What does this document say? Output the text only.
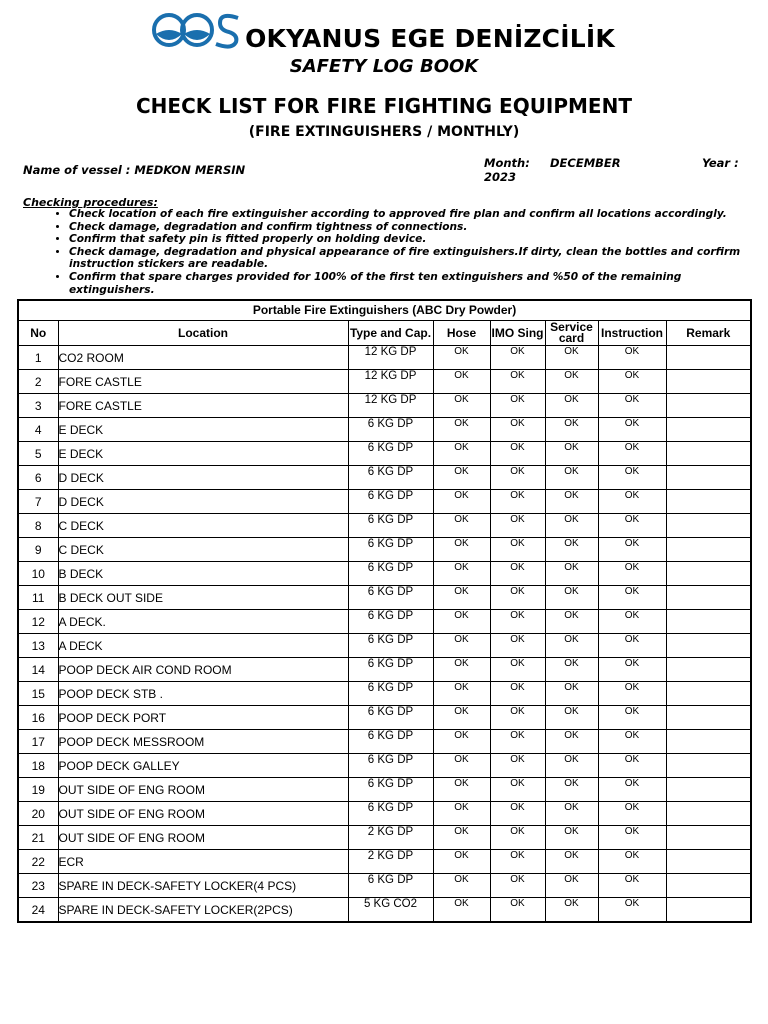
OKYANUS EGE DENİZCİLİK
SAFETY LOG BOOK
CHECK LIST FOR FIRE FIGHTING EQUIPMENT
(FIRE EXTINGUISHERS / MONTHLY)
Name of vessel : MEDKON MERSIN	Month: DECEMBER	Year :
2023
Checking procedures:
• Check location of each fire extinguisher according to approved fire plan and confirm all locations accordingly.
• Check damage, degradation and confirm tightness of connections.
• Confirm that safety pin is fitted properly on holding device.
• Check damage, degradation and physical appearance of fire extinguishers.If dirty, clean the bottles and corfirm instruction stickers are readable.
• Confirm that spare charges provided for 100% of the first ten extinguishers and %50 of the remaining extinguishers.
Portable Fire Extinguishers (ABC Dry Powder)							
No	Location	Type and Cap.	Hose	IMO Sing	Service card	Instruction	Remark
1	CO2 ROOM	12 KG DP	OK	OK	OK	OK	
2	FORE CASTLE	12 KG DP	OK	OK	OK	OK	
3	FORE CASTLE	12 KG DP	OK	OK	OK	OK	
4	E DECK	6 KG DP	OK	OK	OK	OK	
5	E DECK	6 KG DP	OK	OK	OK	OK	
6	D DECK	6 KG DP	OK	OK	OK	OK	
7	D DECK	6 KG DP	OK	OK	OK	OK	
8	C DECK	6 KG DP	OK	OK	OK	OK	
9	C DECK	6 KG DP	OK	OK	OK	OK	
10	B DECK	6 KG DP	OK	OK	OK	OK	
11	B DECK OUT SIDE	6 KG DP	OK	OK	OK	OK	
12	A DECK.	6 KG DP	OK	OK	OK	OK	
13	A DECK	6 KG DP	OK	OK	OK	OK	
14	POOP DECK AIR COND ROOM	6 KG DP	OK	OK	OK	OK	
15	POOP DECK STB .	6 KG DP	OK	OK	OK	OK	
16	POOP DECK PORT	6 KG DP	OK	OK	OK	OK	
17	POOP DECK MESSROOM	6 KG DP	OK	OK	OK	OK	
18	POOP DECK GALLEY	6 KG DP	OK	OK	OK	OK	
19	OUT SIDE OF ENG ROOM	6 KG DP	OK	OK	OK	OK	
20	OUT SIDE OF ENG ROOM	6 KG DP	OK	OK	OK	OK	
21	OUT SIDE OF ENG ROOM	2 KG DP	OK	OK	OK	OK	
22	ECR	2 KG DP	OK	OK	OK	OK	
23	SPARE IN DECK-SAFETY LOCKER(4 PCS)	6 KG DP	OK	OK	OK	OK	
24	SPARE IN DECK-SAFETY LOCKER(2PCS)	5 KG CO2	OK	OK	OK	OK	
